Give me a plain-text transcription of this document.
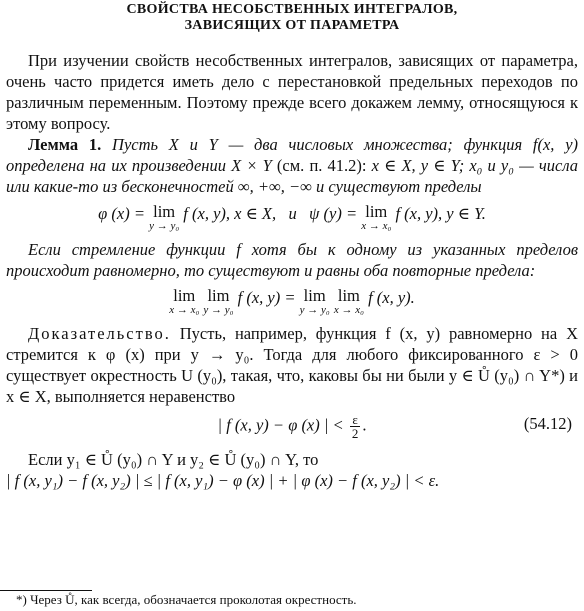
СВОЙСТВА НЕСОБСТВЕННЫХ ИНТЕГРАЛОВ,
ЗАВИСЯЩИХ ОТ ПАРАМЕТРА

При изучении свойств несобственных интегралов, зависящих от параметра, очень часто придется иметь дело с перестановкой предельных переходов по различным переменным. Поэтому прежде всего докажем лемму, относящуюся к этому вопросу.

Лемма 1. Пусть X и Y — два числовых множества; функция f(x, y) определена на их произведении X × Y (см. п. 41.2): x ∈ X, y ∈ Y; x₀ и y₀ — числа или какие-то из бесконечностей ∞, +∞, −∞ и существуют пределы

φ (x) = lim
y → y₀
f (x, y), x ∈ X, и ψ (y) = lim
x → x₀
f (x, y), y ∈ Y.

Если стремление функции f хотя бы к одному из указанных пределов происходит равномерно, то существуют и равны оба повторные предела:

lim
x → x₀
lim
y → y₀
f (x, y) = lim
y → y₀
lim
x → x₀
f (x, y).

Доказательство. Пусть, например, функция f (x, y) равномерно на X стремится к φ (x) при y → y₀. Тогда для любого фиксированного ε > 0 существует окрестность U (y₀), такая, что, каковы бы ни были y ∈ Ů (y₀) ∩ Y*) и x ∈ X, выполняется неравенство

| f (x, y) − φ (x) | < $\frac{\varepsilon}{2}$ .	(54.12)

Если y₁ ∈ Ů (y₀) ∩ Y и y₂ ∈ Ů (y₀) ∩ Y, то

| f (x, y₁) − f (x, y₂) | ≤ | f (x, y₁) − φ (x) | + | φ (x) − f (x, y₂) | < ε.

*) Через Ů, как всегда, обозначается проколотая окрестность.
